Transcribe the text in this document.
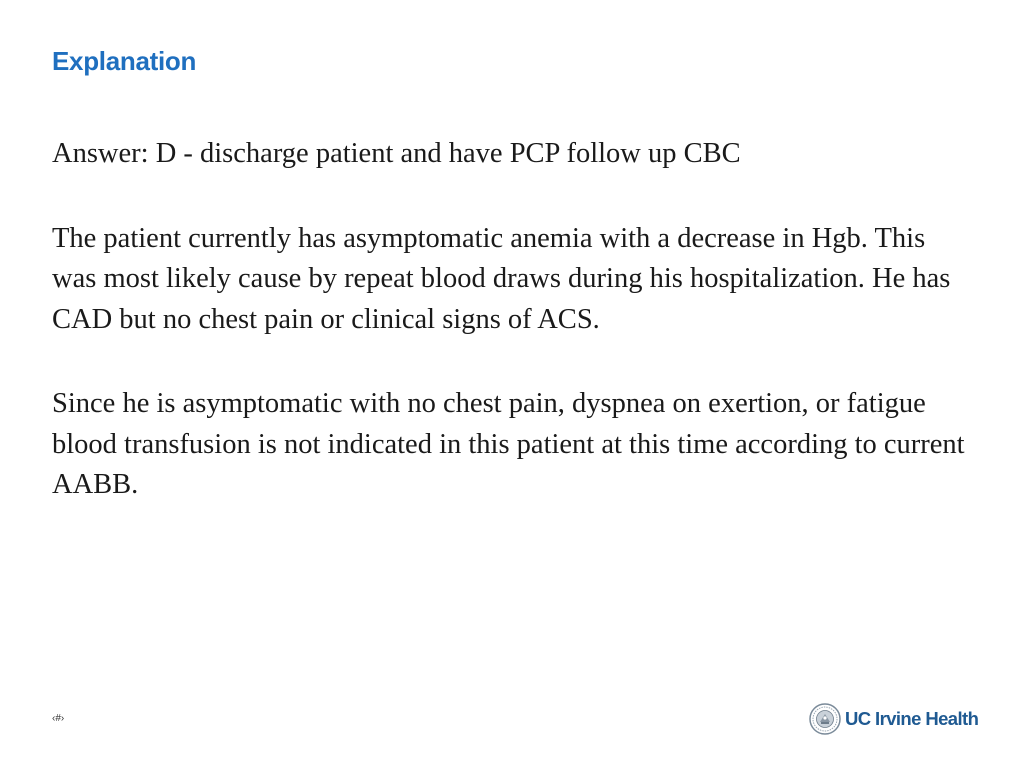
Explanation

Answer: D - discharge patient and have PCP follow up CBC

The patient currently has asymptomatic anemia with a decrease in Hgb. This was most likely cause by repeat blood draws during his hospitalization. He has CAD but no chest pain or clinical signs of ACS.

Since he is asymptomatic with no chest pain, dyspnea on exertion, or fatigue blood transfusion is not indicated in this patient at this time according to current AABB.

‹#›	UC Irvine Health
